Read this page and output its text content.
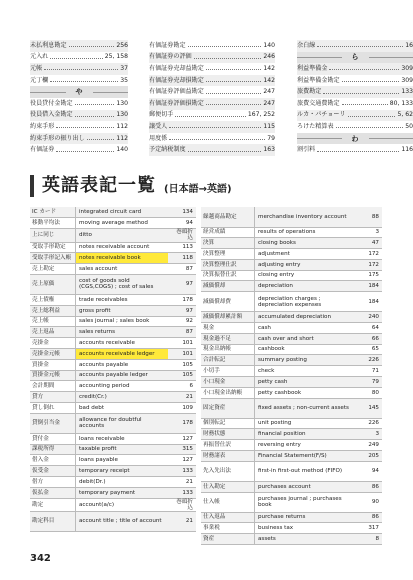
未払利息勘定	256
元入れ	25, 158
元帳	37
元丁欄	35
や
役員貸付金勘定	130
役員借入金勘定	130
約束手形	112
約束手形の振り出し	112
有価証券	140
有価証券勘定	140
有価証券の評価	246
有価証券売却益勘定	142
有価証券売却損勘定	142
有価証券評価益勘定	247
有価証券評価損勘定	247
郵便切手	167, 252
譲受人	115
用度係	79
予定納税制度	163
余白線	16
ら
利益準備金	309
利益準備金勘定	309
旅費勘定	133
旅費交通費勘定	80, 133
ルカ・パチョーリ	5, 62
ろけた精算表	50
わ
割引料	116
英語表記一覧 (日本語→英語)
IC カード	integrated circuit card	134
移動平均法	moving average method	94
上に同じ	ditto	巻頭折込
受取手形勘定	notes receivable account	113
受取手形記入帳	notes receivable book	118
売上勘定	sales account	87
売上原価	cost of goods sold (CGS,COGS) ; cost of sales	97
売上債権	trade receivables	178
売上総利益	gross profit	97
売上帳	sales journal ; sales book	92
売上返品	sales returns	87
売掛金	accounts receivable	101
売掛金元帳	accounts receivable ledger	101
買掛金	accounts payable	105
買掛金元帳	accounts payable ledger	105
会計期間	accounting period	6
貸方	credit(Cr.)	21
貸し倒れ	bad debt	109
貸倒引当金	allowance for doubtful accounts	178
貸付金	loans receivable	127
課税所得	taxable profit	315
借入金	loans payable	127
仮受金	temporary receipt	133
借方	debit(Dr.)	21
仮払金	temporary payment	133
勘定	account(a/c)	巻頭折込
勘定科目	account title ; title of account	21
繰越商品勘定	merchandise inventory account	88
経営成績	results of operations	3
決算	closing books	47
決算整理	adjustment	172
決算整理仕訳	adjusting entry	172
決算振替仕訳	closing entry	175
減価償却	depreciation	184
減価償却費	depreciation charges ; depreciation expenses	184
減価償却累計額	accumulated depreciation	240
現金	cash	64
現金過不足	cash over and short	66
現金出納帳	cashbook	65
合計転記	summary posting	226
小切手	check	71
小口現金	petty cash	79
小口現金出納帳	petty cashbook	80
固定資産	fixed assets ; non-current assets	145
個別転記	unit posting	226
財務状態	financial position	3
再振替仕訳	reversing entry	249
財務諸表	Financial Statement(F/S)	205
先入先出法	first-in first-out method (FIFO)	94
仕入勘定	purchases account	86
仕入帳	purchases journal ; purchases book	90
仕入返品	purchase returns	86
事業税	business tax	317
資産	assets	8
342
